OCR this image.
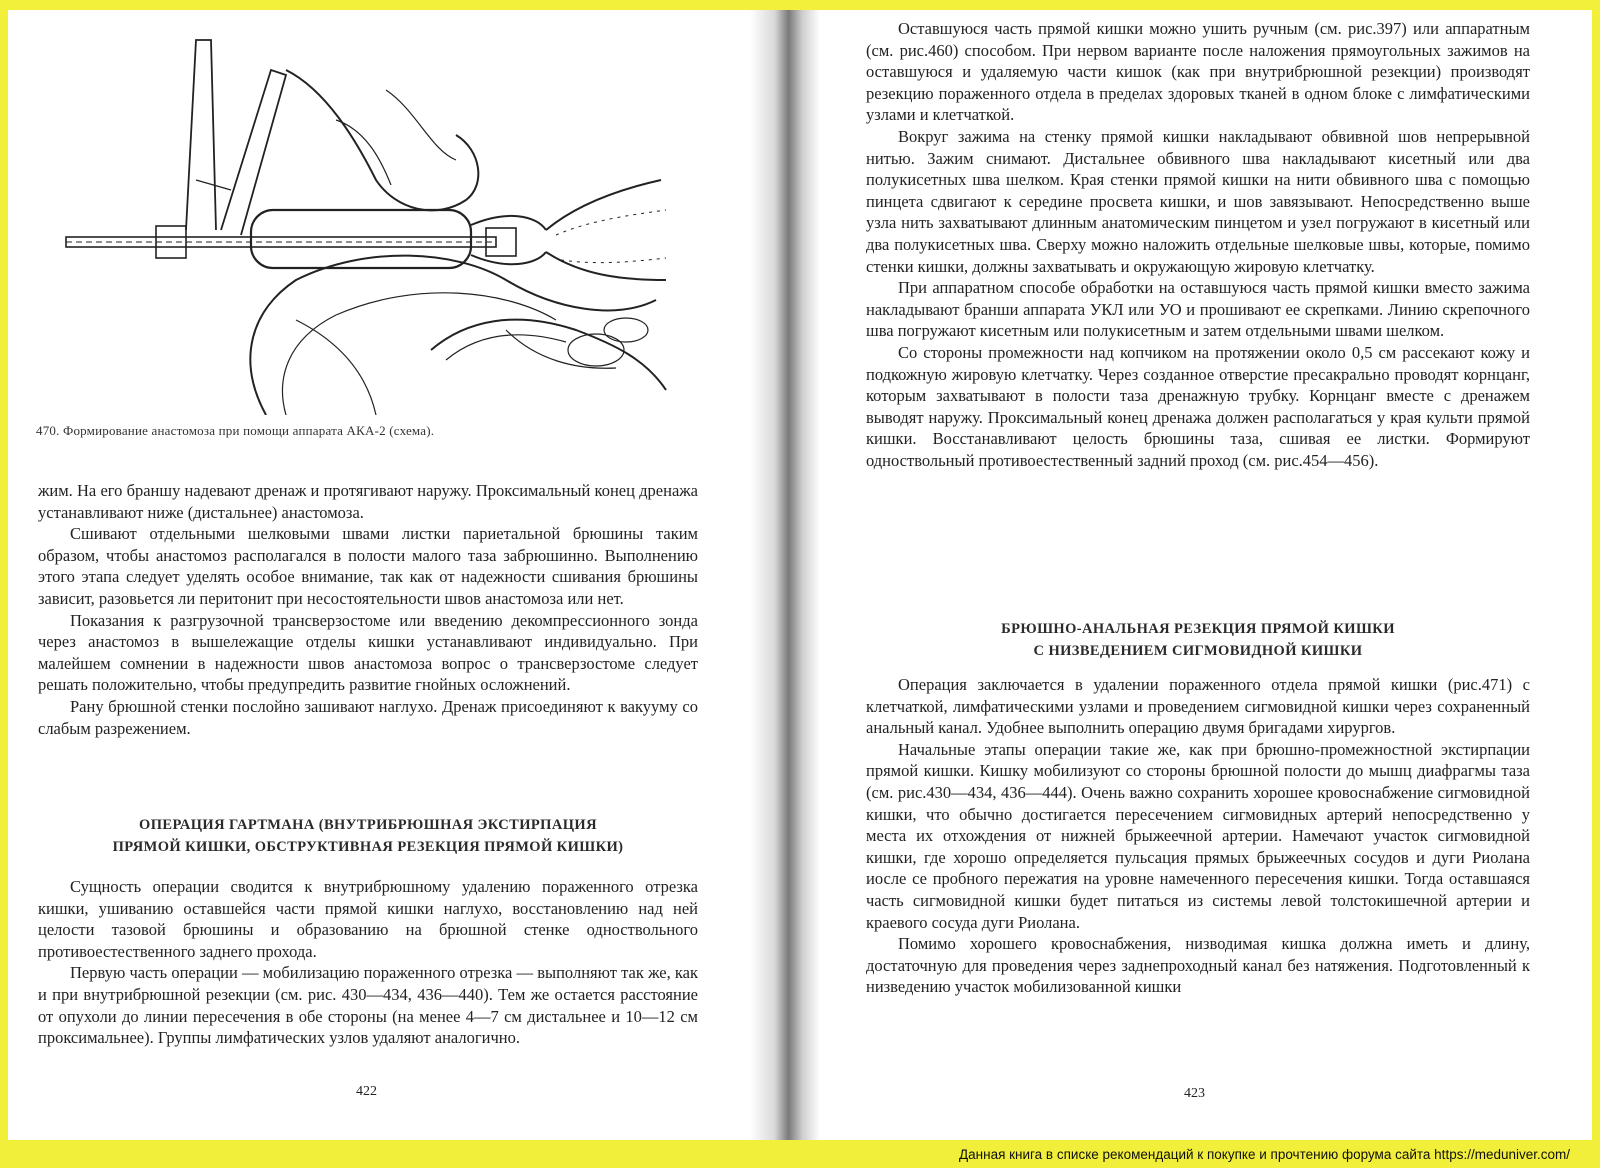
470. Формирование анастомоза при помощи аппарата АКА-2 (схема).

жим. На его браншу надевают дренаж и протягивают наружу. Проксимальный конец дренажа устанавливают ниже (дистальнее) анастомоза.

Сшивают отдельными шелковыми швами листки париетальной брюшины таким образом, чтобы анастомоз располагался в полости малого таза забрюшинно. Выполнению этого этапа следует уделять особое внимание, так как от надежности сшивания брюшины зависит, разовьется ли перитонит при несостоятельности швов анастомоза или нет.

Показания к разгрузочной трансверзостоме или введению декомпрессионного зонда через анастомоз в вышележащие отделы кишки устанавливают индивидуально. При малейшем сомнении в надежности швов анастомоза вопрос о трансверзостоме следует решать положительно, чтобы предупредить развитие гнойных осложнений.

Рану брюшной стенки послойно зашивают наглухо. Дренаж присоединяют к вакууму со слабым разрежением.

ОПЕРАЦИЯ ГАРТМАНА (ВНУТРИБРЮШНАЯ ЭКСТИРПАЦИЯ
ПРЯМОЙ КИШКИ, ОБСТРУКТИВНАЯ РЕЗЕКЦИЯ ПРЯМОЙ КИШКИ)

Сущность операции сводится к внутрибрюшному удалению пораженного отрезка кишки, ушиванию оставшейся части прямой кишки наглухо, восстановлению над ней целости тазовой брюшины и образованию на брюшной стенке одноствольного противоестественного заднего прохода.

Первую часть операции — мобилизацию пораженного отрезка — выполняют так же, как и при внутрибрюшной резекции (см. рис. 430—434, 436—440). Тем же остается расстояние от опухоли до линии пересечения в обе стороны (на менее 4—7 см дистальнее и 10—12 см проксимальнее). Группы лимфатических узлов удаляют аналогично.

422

Оставшуюся часть прямой кишки можно ушить ручным (см. рис.397) или аппаратным (см. рис.460) способом. При нервом варианте после наложения прямоугольных зажимов на оставшуюся и удаляемую части кишок (как при внутрибрюшной резекции) производят резекцию пораженного отдела в пределах здоровых тканей в одном блоке с лимфатическими узлами и клетчаткой.

Вокруг зажима на стенку прямой кишки накладывают обвивной шов непрерывной нитью. Зажим снимают. Дистальнее обвивного шва накладывают кисетный или два полукисетных шва шелком. Края стенки прямой кишки на нити обвивного шва с помощью пинцета сдвигают к середине просвета кишки, и шов завязывают. Непосредственно выше узла нить захватывают длинным анатомическим пинцетом и узел погружают в кисетный или два полукисетных шва. Сверху можно наложить отдельные шелковые швы, которые, помимо стенки кишки, должны захватывать и окружающую жировую клетчатку.

При аппаратном способе обработки на оставшуюся часть прямой кишки вместо зажима накладывают бранши аппарата УКЛ или УО и прошивают ее скрепками. Линию скрепочного шва погружают кисетным или полукисетным и затем отдельными швами шелком.

Со стороны промежности над копчиком на протяжении около 0,5 см рассекают кожу и подкожную жировую клетчатку. Через созданное отверстие пресакрально проводят корнцанг, которым захватывают в полости таза дренажную трубку. Корнцанг вместе с дренажем выводят наружу. Проксимальный конец дренажа должен располагаться у края культи прямой кишки. Восстанавливают целость брюшины таза, сшивая ее листки. Формируют одноствольный противоестественный задний проход (см. рис.454—456).

БРЮШНО-АНАЛЬНАЯ РЕЗЕКЦИЯ ПРЯМОЙ КИШКИ
С НИЗВЕДЕНИЕМ СИГМОВИДНОЙ КИШКИ

Операция заключается в удалении пораженного отдела прямой кишки (рис.471) с клетчаткой, лимфатическими узлами и проведением сигмовидной кишки через сохраненный анальный канал. Удобнее выполнить операцию двумя бригадами хирургов.

Начальные этапы операции такие же, как при брюшно-промежностной экстирпации прямой кишки. Кишку мобилизуют со стороны брюшной полости до мышц диафрагмы таза (см. рис.430—434, 436—444). Очень важно сохранить хорошее кровоснабжение сигмовидной кишки, что обычно достигается пересечением сигмовидных артерий непосредственно у места их отхождения от нижней брыжеечной артерии. Намечают участок сигмовидной кишки, где хорошо определяется пульсация прямых брыжеечных сосудов и дуги Риолана иосле се пробного пережатия на уровне намеченного пересечения кишки. Тогда оставшаяся часть сигмовидной кишки будет питаться из системы левой толстокишечной артерии и краевого сосуда дуги Риолана.

Помимо хорошего кровоснабжения, низводимая кишка должна иметь и длину, достаточную для проведения через заднепроходный канал без натяжения. Подготовленный к низведению участок мобилизованной кишки

423
Данная книга в списке рекомендаций к покупке и прочтению форума сайта https://meduniver.com/
